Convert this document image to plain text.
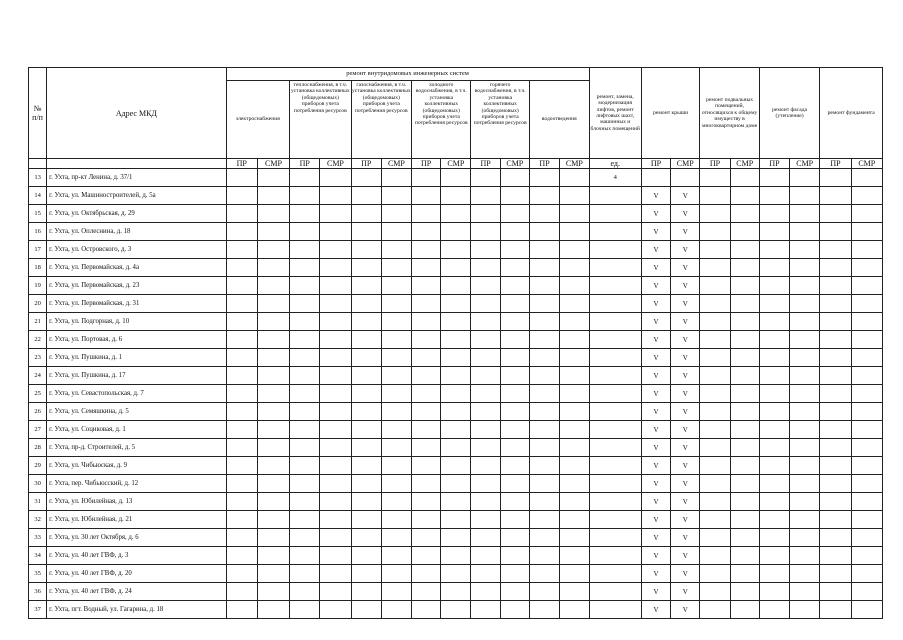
№
п/п	Адрес МКД	ремонт внутридомовых инженерных систем												ремонт, замена, модернизация лифтов, ремонт лифтовых шахт, машинных и блочных помещений	ремонт крыши		ремонт подвальных помещений, относящихся к общему имуществу в многоквартирном доме		ремонт фасада (утепление)		ремонт фундамента	
		электроснабжения		теплоснабжения, в т.ч. установка коллективных (общедомовых) приборов учета потребления ресурсов		газоснабжения, в т.ч. установка коллективных (общедомовых) приборов учета потребления ресурсов		холодного водоснабжения, в т.ч. установка коллективных (общедомовых) приборов учета потребления ресурсов		горячего водоснабжения, в т.ч. установка коллективных (общедомовых) приборов учета потребления ресурсов		водоотведения										
		ПР	СМР	ПР	СМР	ПР	СМР	ПР	СМР	ПР	СМР	ПР	СМР	ед.	ПР	СМР	ПР	СМР	ПР	СМР	ПР	СМР
13	г. Ухта, пр-кт Ленина, д. 37/1													4								
14	г. Ухта, ул. Машиностроителей, д. 5а														V	V						
15	г. Ухта, ул. Октябрьская, д. 29														V	V						
16	г. Ухта, ул. Оплеснина, д. 18														V	V						
17	г. Ухта, ул. Островского, д. 3														V	V						
18	г. Ухта, ул. Первомайская, д. 4а														V	V						
19	г. Ухта, ул. Первомайская, д. 23														V	V						
20	г. Ухта, ул. Первомайская, д. 31														V	V						
21	г. Ухта, ул. Подгорная, д. 10														V	V						
22	г. Ухта, ул. Портовая, д. 6														V	V						
23	г. Ухта, ул. Пушкина, д. 1														V	V						
24	г. Ухта, ул. Пушкина, д. 17														V	V						
25	г. Ухта, ул. Севастопольская, д. 7														V	V						
26	г. Ухта, ул. Семяшкина, д. 5														V	V						
27	г. Ухта, ул. Социковая, д. 1														V	V						
28	г. Ухта, пр-д. Строителей, д. 5														V	V						
29	г. Ухта, ул. Чибьюская, д. 9														V	V						
30	г. Ухта, пер. Чибьюсский, д. 12														V	V						
31	г. Ухта, ул. Юбилейная, д. 13														V	V						
32	г. Ухта, ул. Юбилейная, д. 21														V	V						
33	г. Ухта, ул. 30 лет Октября, д. 6														V	V						
34	г. Ухта, ул. 40 лет ГВФ, д. 3														V	V						
35	г. Ухта, ул. 40 лет ГВФ, д. 20														V	V						
36	г. Ухта, ул. 40 лет ГВФ, д. 24														V	V						
37	г. Ухта, пгт. Водный, ул. Гагарина, д. 18														V	V						
